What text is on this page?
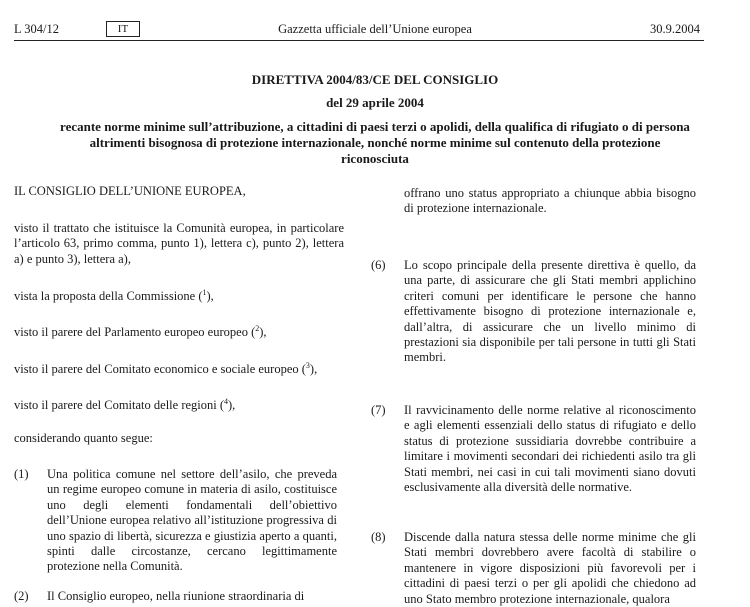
L 304/12	IT	Gazzetta ufficiale dell’Unione europea	30.9.2004
DIRETTIVA 2004/83/CE DEL CONSIGLIO
del 29 aprile 2004
recante norme minime sull’attribuzione, a cittadini di paesi terzi o apolidi, della qualifica di rifugiato o di persona altrimenti bisognosa di protezione internazionale, nonché norme minime sul contenuto della protezione riconosciuta
IL CONSIGLIO DELL’UNIONE EUROPEA,
visto il trattato che istituisce la Comunità europea, in particolare l’articolo 63, primo comma, punto 1), lettera c), punto 2), lettera a) e punto 3), lettera a),
vista la proposta della Commissione ($^1$),
visto il parere del Parlamento europeo europeo ($^2$),
visto il parere del Comitato economico e sociale europeo ($^3$),
visto il parere del Comitato delle regioni ($^4$),
considerando quanto segue:
(1) Una politica comune nel settore dell’asilo, che preveda un regime europeo comune in materia di asilo, costituisce uno degli elementi fondamentali dell’obiettivo dell’Unione europea relativo all’istituzione progressiva di uno spazio di libertà, sicurezza e giustizia aperto a quanti, spinti dalle circostanze, cercano legittimamente protezione nella Comunità.
(2) Il Consiglio europeo, nella riunione straordinaria di
offrano uno status appropriato a chiunque abbia bisogno di protezione internazionale.
(6) Lo scopo principale della presente direttiva è quello, da una parte, di assicurare che gli Stati membri applichino criteri comuni per identificare le persone che hanno effettivamente bisogno di protezione internazionale e, dall’altra, di assicurare che un livello minimo di prestazioni sia disponibile per tali persone in tutti gli Stati membri.
(7) Il ravvicinamento delle norme relative al riconoscimento e agli elementi essenziali dello status di rifugiato e dello status di protezione sussidiaria dovrebbe contribuire a limitare i movimenti secondari dei richiedenti asilo tra gli Stati membri, nei casi in cui tali movimenti siano dovuti esclusivamente alla diversità delle normative.
(8) Discende dalla natura stessa delle norme minime che gli Stati membri dovrebbero avere facoltà di stabilire o mantenere in vigore disposizioni più favorevoli per i cittadini di paesi terzi o per gli apolidi che chiedono ad uno Stato membro protezione internazionale, qualora
